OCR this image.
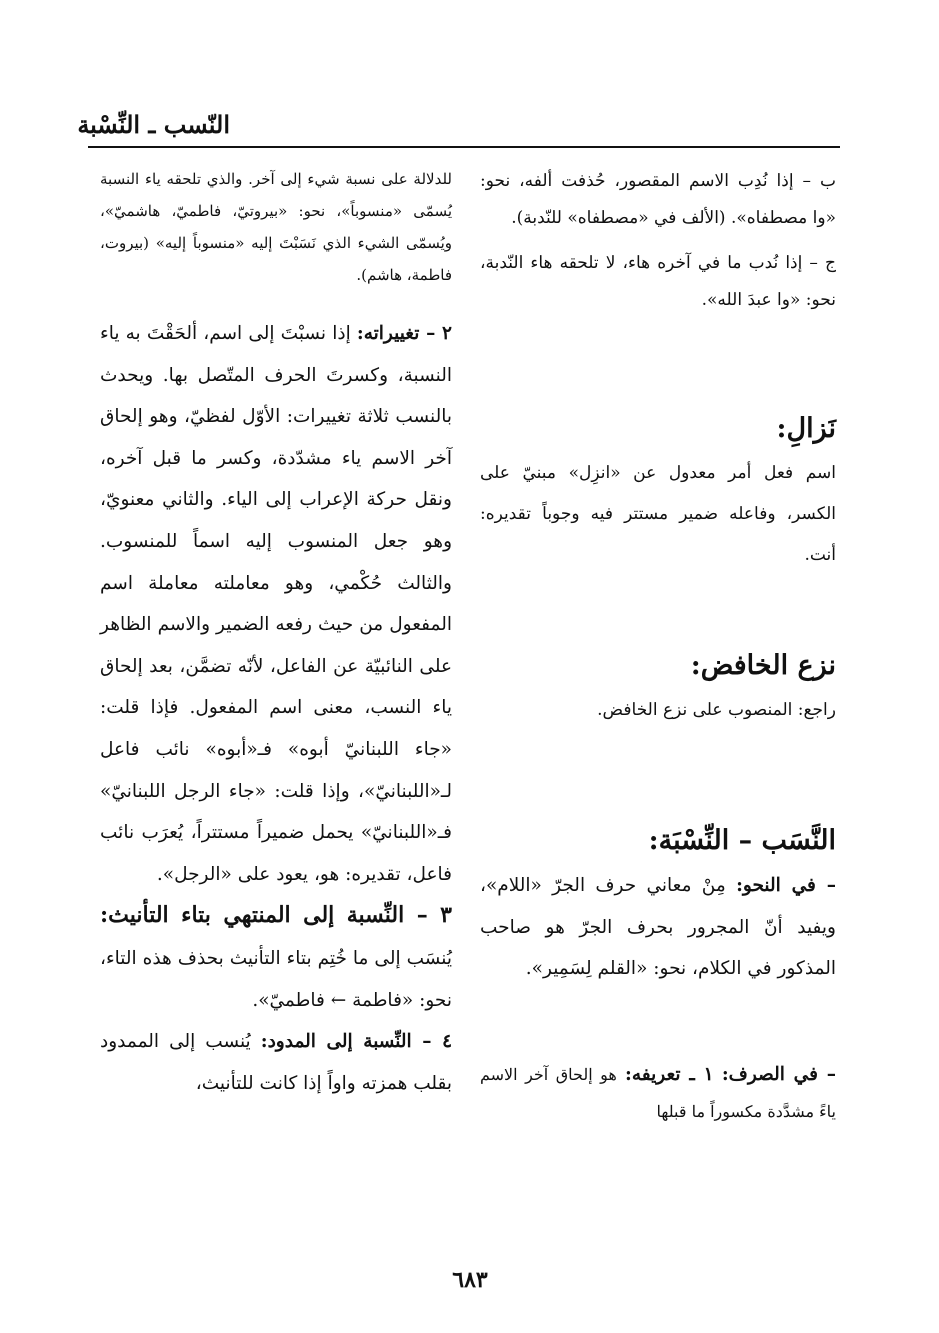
النّسب ـ النِّسْبة

ب – إذا نُدِب الاسم المقصور، حُذفت ألفه، نحو: «وا مصطفاه». (الألف في «مصطفاه» للنّدبة).

ج – إذا نُدب ما في آخره هاء، لا تلحقه هاء النّدبة، نحو: «وا عبدَ الله».

نَزالِ:

اسم فعل أمر معدول عن «انزِل» مبنيّ على الكسر، وفاعله ضمير مستتر فيه وجوباً تقديره: أنت.

نزع الخافض:

راجع: المنصوب على نزع الخافض.

النَّسَب – النِّسْبَة:

– في النحو: مِنْ معاني حرف الجرّ «اللام»، ويفيد أنّ المجرور بحرف الجرّ هو صاحب المذكور في الكلام، نحو: «القلم لِسَمِير».

– في الصرف: ١ ـ تعريفه: هو إلحاق آخر الاسم ياءً مشدَّدة مكسوراً ما قبلها

للدلالة على نسبة شيء إلى آخر. والذي تلحقه ياء النسبة يُسمّى «منسوباً»، نحو: «بيروتيّ، فاطميّ، هاشميّ»، ويُسمّى الشيء الذي نَسَبْتَ إليه «منسوباً إليه» (بيروت، فاطمة، هاشم).

٢ – تغييراته: إذا نسبْتَ إلى اسم، ألحَقْتَ به ياء النسبة، وكسرتَ الحرف المتّصل بها. ويحدث بالنسب ثلاثة تغييرات: الأوّل لفظيّ، وهو إلحاق آخر الاسم ياء مشدّدة، وكسر ما قبل آخره، ونقل حركة الإعراب إلى الياء. والثاني معنويّ، وهو جعل المنسوب إليه اسماً للمنسوب. والثالث حُكْمي، وهو معاملته معاملة اسم المفعول من حيث رفعه الضمير والاسم الظاهر على النائبيّة عن الفاعل، لأنّه تضمَّن، بعد إلحاق ياء النسب، معنى اسم المفعول. فإذا قلت: «جاء اللبنانيّ أبوه» فـ«أبوه» نائب فاعل لـ«اللبنانيّ»، وإذا قلت: «جاء الرجل اللبنانيّ» فـ«اللبنانيّ» يحمل ضميراً مستتراً، يُعرَب نائب فاعل، تقديره: هو، يعود على «الرجل».

٣ – النِّسبة إلى المنتهي بتاء التأنيث: يُنسَب إلى ما خُتِم بتاء التأنيث بحذف هذه التاء، نحو: «فاطمة ← فاطميّ».

٤ – النِّسبة إلى المدود: يُنسب إلى الممدود بقلب همزته واواً إذا كانت للتأنيث،

٦٨٣
